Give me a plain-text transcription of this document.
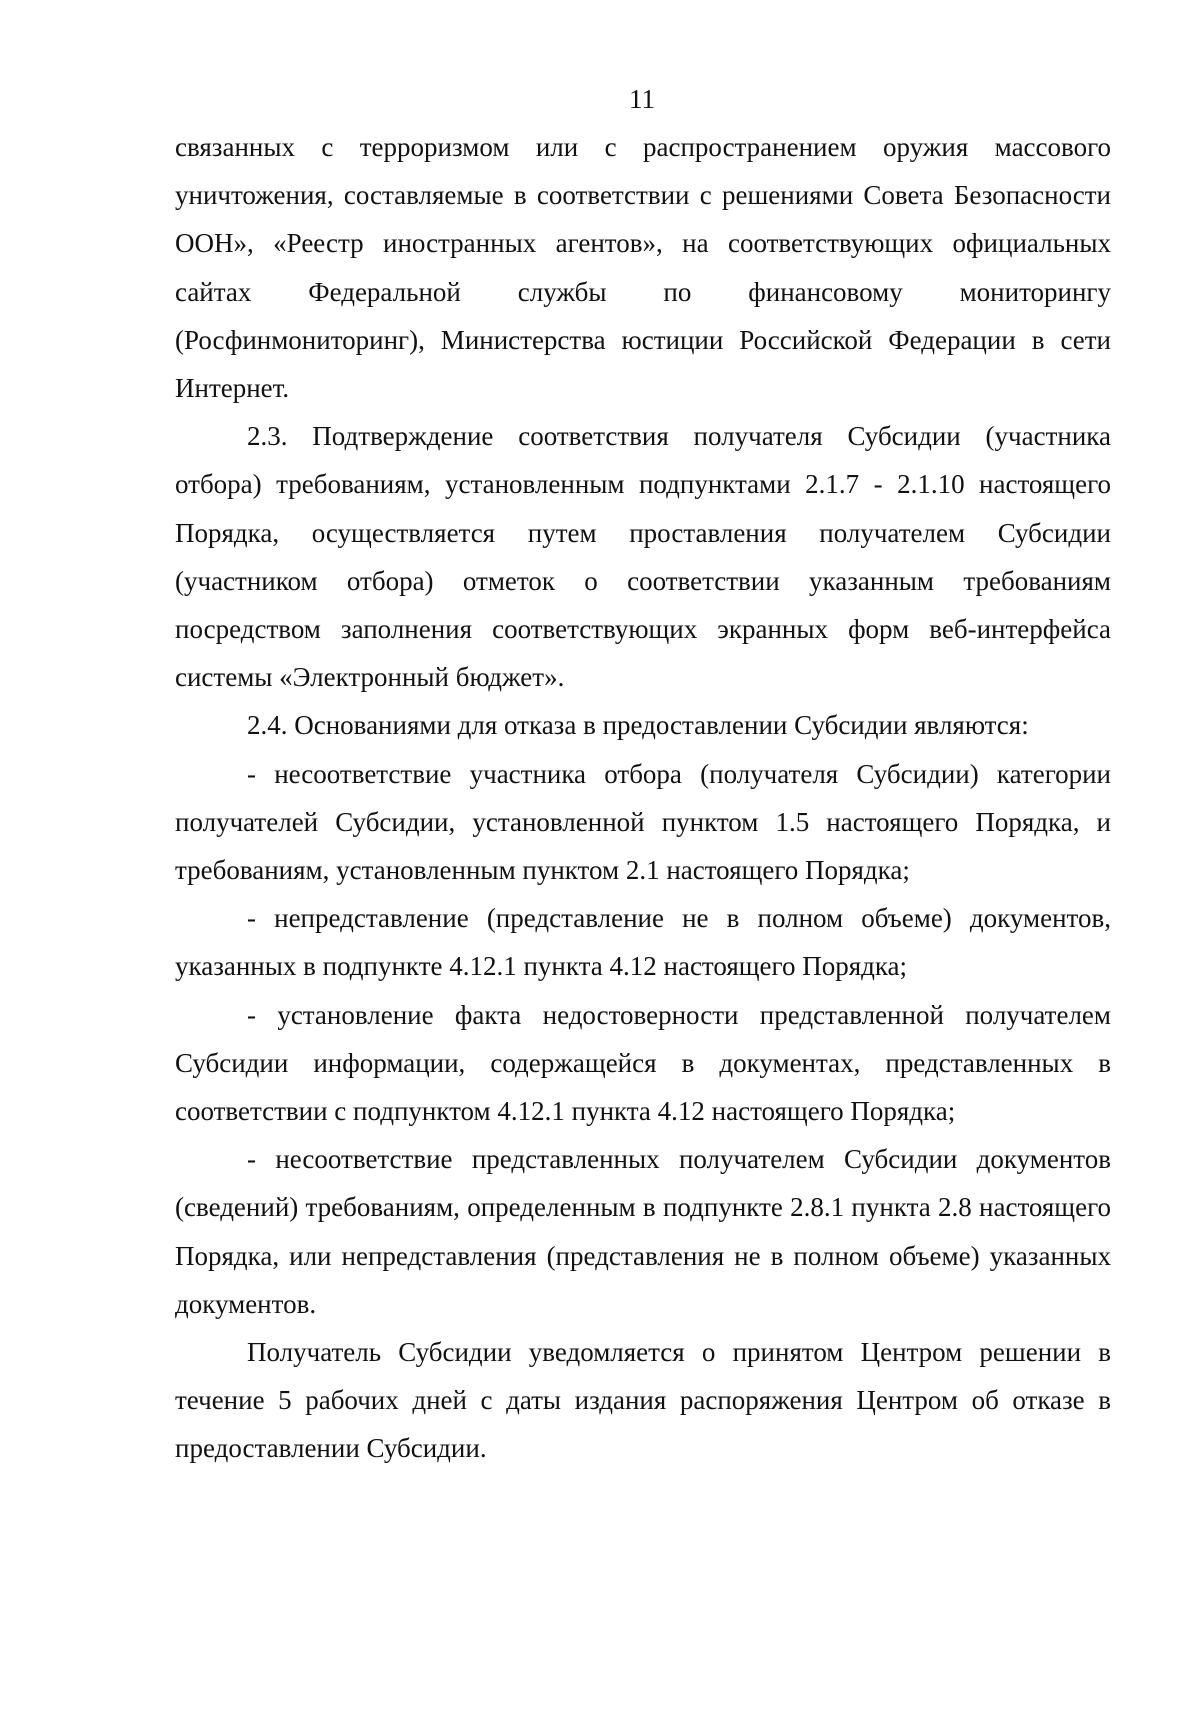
11

связанных с терроризмом или с распространением оружия массового уничтожения, составляемые в соответствии с решениями Совета Безопасности ООН», «Реестр иностранных агентов», на соответствующих официальных сайтах Федеральной службы по финансовому мониторингу (Росфинмониторинг), Министерства юстиции Российской Федерации в сети Интернет.

2.3. Подтверждение соответствия получателя Субсидии (участника отбора) требованиям, установленным подпунктами 2.1.7 - 2.1.10 настоящего Порядка, осуществляется путем проставления получателем Субсидии (участником отбора) отметок о соответствии указанным требованиям посредством заполнения соответствующих экранных форм веб-интерфейса системы «Электронный бюджет».

2.4. Основаниями для отказа в предоставлении Субсидии являются:

- несоответствие участника отбора (получателя Субсидии) категории получателей Субсидии, установленной пунктом 1.5 настоящего Порядка, и требованиям, установленным пунктом 2.1 настоящего Порядка;

- непредставление (представление не в полном объеме) документов, указанных в подпункте 4.12.1 пункта 4.12 настоящего Порядка;

- установление факта недостоверности представленной получателем Субсидии информации, содержащейся в документах, представленных в соответствии с подпунктом 4.12.1 пункта 4.12 настоящего Порядка;

- несоответствие представленных получателем Субсидии документов (сведений) требованиям, определенным в подпункте 2.8.1 пункта 2.8 настоящего Порядка, или непредставления (представления не в полном объеме) указанных документов.

Получатель Субсидии уведомляется о принятом Центром решении в течение 5 рабочих дней с даты издания распоряжения Центром об отказе в предоставлении Субсидии.
